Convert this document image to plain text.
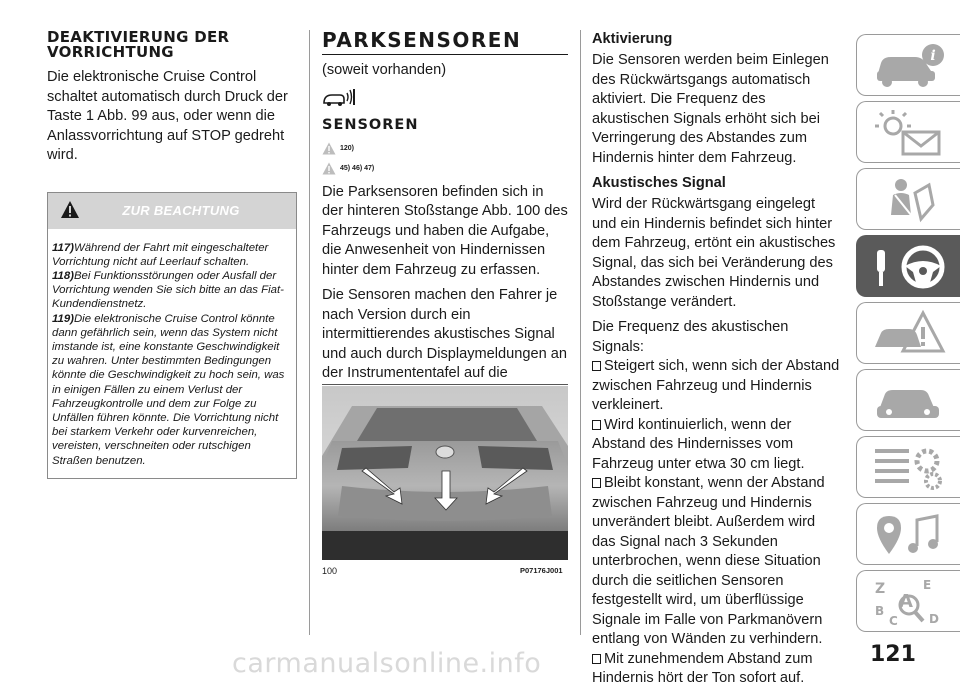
DEAKTIVIERUNG DER VORRICHTUNG

Die elektronische Cruise Control schaltet automatisch durch Druck der Taste 1 Abb. 99 aus, oder wenn die Anlassvorrichtung auf STOP gedreht wird.

ZUR BEACHTUNG
117)Während der Fahrt mit eingeschalteter Vorrichtung nicht auf Leerlauf schalten.
118)Bei Funktionsstörungen oder Ausfall der Vorrichtung wenden Sie sich bitte an das Fiat-Kundendienstnetz.
119)Die elektronische Cruise Control könnte dann gefährlich sein, wenn das System nicht imstande ist, eine konstante Geschwindigkeit zu wahren. Unter bestimmten Bedingungen könnte die Geschwindigkeit zu hoch sein, was in einigen Fällen zu einem Verlust der Fahrzeugkontrolle und dem zur Folge zu Unfällen führen könnte. Die Vorrichtung nicht bei starkem Verkehr oder kurvenreichen, vereisten, verschneiten oder rutschigen Straßen benutzen.
PARKSENSOREN

(soweit vorhanden)

SENSOREN
120)
45) 46) 47)

Die Parksensoren befinden sich in der hinteren Stoßstange Abb. 100 des Fahrzeugs und haben die Aufgabe, die Anwesenheit von Hindernissen hinter dem Fahrzeug zu erfassen.

Die Sensoren machen den Fahrer je nach Version durch ein intermittierendes akustisches Signal und auch durch Displaymeldungen an der Instrumententafel auf die

100	P07176J001
Aktivierung

Die Sensoren werden beim Einlegen des Rückwärtsgangs automatisch aktiviert. Die Frequenz des akustischen Signals erhöht sich bei Verringerung des Abstandes zum Hindernis hinter dem Fahrzeug.

Akustisches Signal

Wird der Rückwärtsgang eingelegt und ein Hindernis befindet sich hinter dem Fahrzeug, ertönt ein akustisches Signal, das sich bei Veränderung des Abstandes zwischen Hindernis und Stoßstange verändert.

Die Frequenz des akustischen Signals:

Steigert sich, wenn sich der Abstand zwischen Fahrzeug und Hindernis verkleinert.

Wird kontinuierlich, wenn der Abstand des Hindernisses vom Fahrzeug unter etwa 30 cm liegt.

Bleibt konstant, wenn der Abstand zwischen Fahrzeug und Hindernis unverändert bleibt. Außerdem wird das Signal nach 3 Sekunden unterbrochen, wenn diese Situation durch die seitlichen Sensoren festgestellt wird, um überflüssige Signale im Falle von Parkmanövern entlang von Wänden zu verhindern.

Mit zunehmendem Abstand zum Hindernis hört der Ton sofort auf.

i
Z	E
A
B
C	D
carmanualsonline.info	121
